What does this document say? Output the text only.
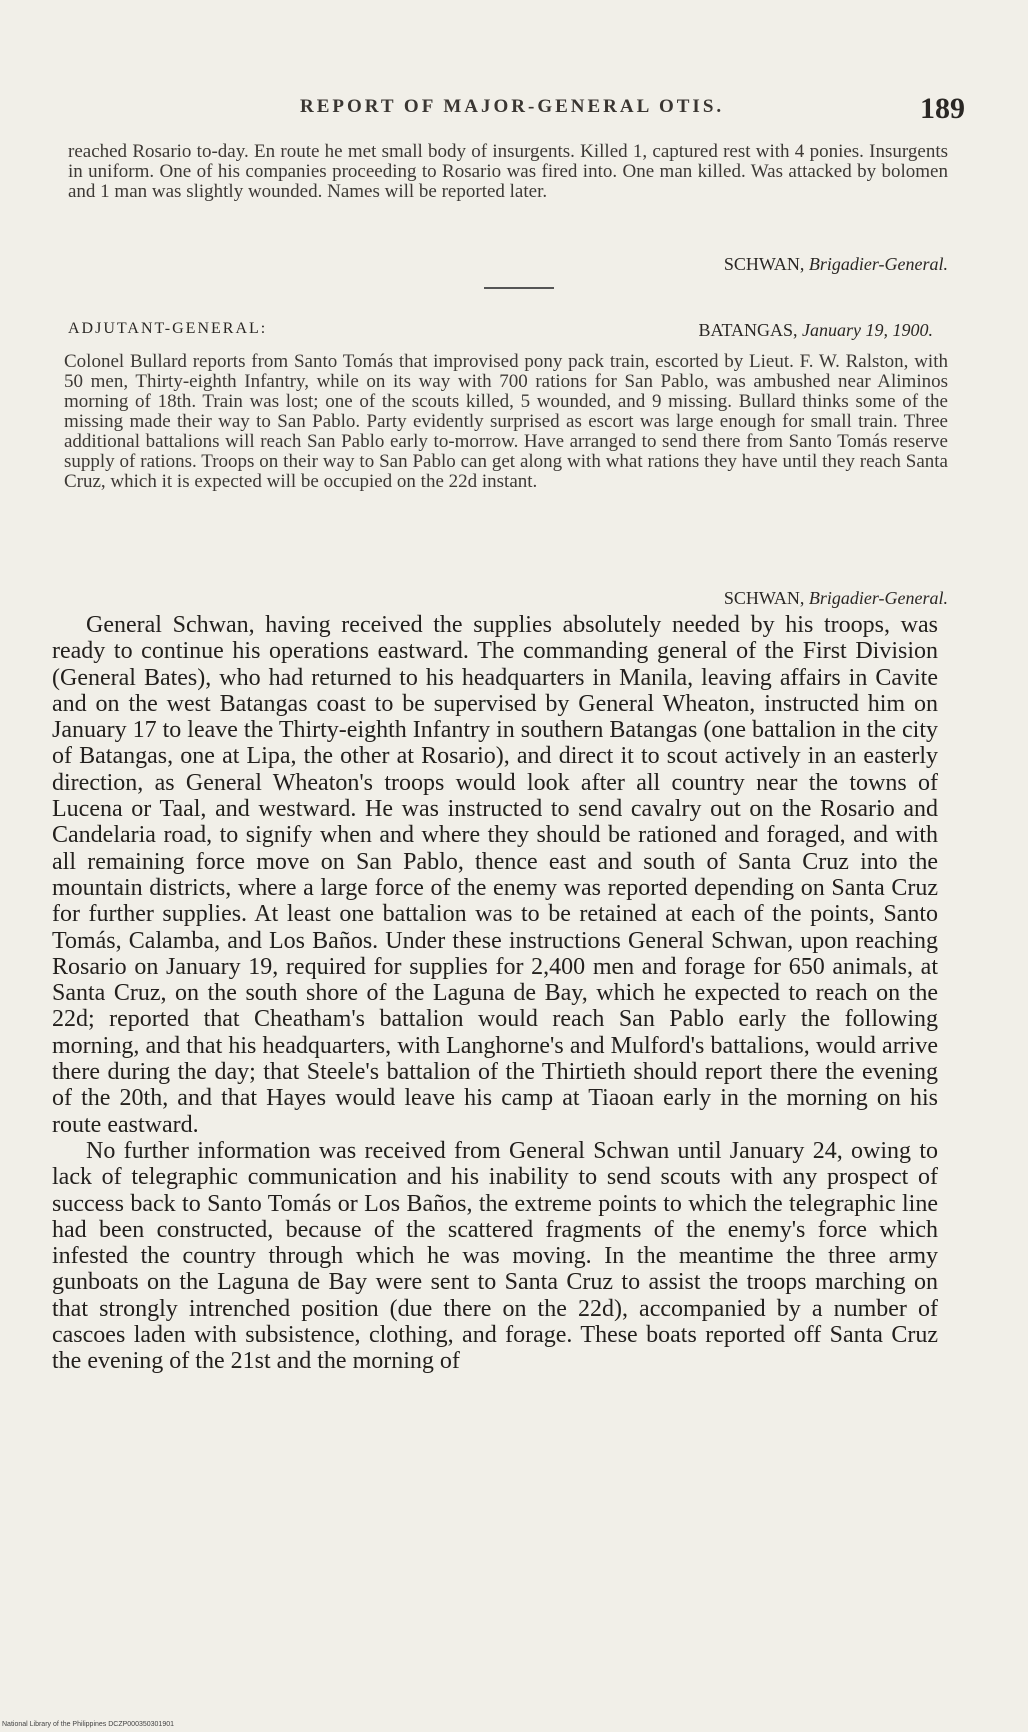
REPORT OF MAJOR-GENERAL OTIS.	189
reached Rosario to-day. En route he met small body of insurgents. Killed 1, captured rest with 4 ponies. Insurgents in uniform. One of his companies proceeding to Rosario was fired into. One man killed. Was attacked by bolomen and 1 man was slightly wounded. Names will be reported later.
SCHWAN, Brigadier-General.
ADJUTANT-GENERAL:	BATANGAS, January 19, 1900.
Colonel Bullard reports from Santo Tomás that improvised pony pack train, escorted by Lieut. F. W. Ralston, with 50 men, Thirty-eighth Infantry, while on its way with 700 rations for San Pablo, was ambushed near Aliminos morning of 18th. Train was lost; one of the scouts killed, 5 wounded, and 9 missing. Bullard thinks some of the missing made their way to San Pablo. Party evidently surprised as escort was large enough for small train. Three additional battalions will reach San Pablo early to-morrow. Have arranged to send there from Santo Tomás reserve supply of rations. Troops on their way to San Pablo can get along with what rations they have until they reach Santa Cruz, which it is expected will be occupied on the 22d instant.
SCHWAN, Brigadier-General.

General Schwan, having received the supplies absolutely needed by his troops, was ready to continue his operations eastward. The commanding general of the First Division (General Bates), who had returned to his headquarters in Manila, leaving affairs in Cavite and on the west Batangas coast to be supervised by General Wheaton, instructed him on January 17 to leave the Thirty-eighth Infantry in southern Batangas (one battalion in the city of Batangas, one at Lipa, the other at Rosario), and direct it to scout actively in an easterly direction, as General Wheaton's troops would look after all country near the towns of Lucena or Taal, and westward. He was instructed to send cavalry out on the Rosario and Candelaria road, to signify when and where they should be rationed and foraged, and with all remaining force move on San Pablo, thence east and south of Santa Cruz into the mountain districts, where a large force of the enemy was reported depending on Santa Cruz for further supplies. At least one battalion was to be retained at each of the points, Santo Tomás, Calamba, and Los Baños. Under these instructions General Schwan, upon reaching Rosario on January 19, required for supplies for 2,400 men and forage for 650 animals, at Santa Cruz, on the south shore of the Laguna de Bay, which he expected to reach on the 22d; reported that Cheatham's battalion would reach San Pablo early the following morning, and that his headquarters, with Langhorne's and Mulford's battalions, would arrive there during the day; that Steele's battalion of the Thirtieth should report there the evening of the 20th, and that Hayes would leave his camp at Tiaoan early in the morning on his route eastward.

No further information was received from General Schwan until January 24, owing to lack of telegraphic communication and his inability to send scouts with any prospect of success back to Santo Tomás or Los Baños, the extreme points to which the telegraphic line had been constructed, because of the scattered fragments of the enemy's force which infested the country through which he was moving. In the meantime the three army gunboats on the Laguna de Bay were sent to Santa Cruz to assist the troops marching on that strongly intrenched position (due there on the 22d), accompanied by a number of cascoes laden with subsistence, clothing, and forage. These boats reported off Santa Cruz the evening of the 21st and the morning of

National Library of the Philippines DCZP000350301901
